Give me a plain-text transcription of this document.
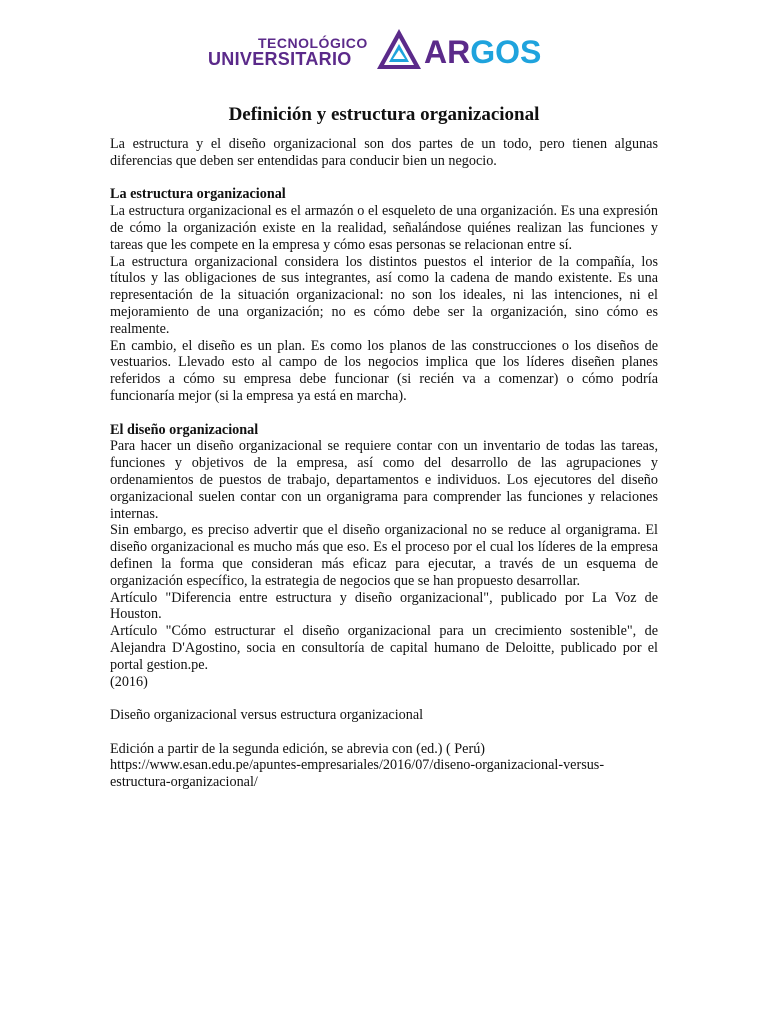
TECNOLÓGICO
UNIVERSITARIO ARGOS
Definición y estructura organizacional

La estructura y el diseño organizacional son dos partes de un todo, pero tienen algunas diferencias que deben ser entendidas para conducir bien un negocio.

La estructura organizacional

La estructura organizacional es el armazón o el esqueleto de una organización. Es una expresión de cómo la organización existe en la realidad, señalándose quiénes realizan las funciones y tareas que les compete en la empresa y cómo esas personas se relacionan entre sí.

La estructura organizacional considera los distintos puestos el interior de la compañía, los títulos y las obligaciones de sus integrantes, así como la cadena de mando existente. Es una representación de la situación organizacional: no son los ideales, ni las intenciones, ni el mejoramiento de una organización; no es cómo debe ser la organización, sino cómo es realmente.

En cambio, el diseño es un plan. Es como los planos de las construcciones o los diseños de vestuarios. Llevado esto al campo de los negocios implica que los líderes diseñen planes referidos a cómo su empresa debe funcionar (si recién va a comenzar) o cómo podría funcionaría mejor (si la empresa ya está en marcha).

El diseño organizacional

Para hacer un diseño organizacional se requiere contar con un inventario de todas las tareas, funciones y objetivos de la empresa, así como del desarrollo de las agrupaciones y ordenamientos de puestos de trabajo, departamentos e individuos. Los ejecutores del diseño organizacional suelen contar con un organigrama para comprender las funciones y relaciones internas.

Sin embargo, es preciso advertir que el diseño organizacional no se reduce al organigrama. El diseño organizacional es mucho más que eso. Es el proceso por el cual los líderes de la empresa definen la forma que consideran más eficaz para ejecutar, a través de un esquema de organización específico, la estrategia de negocios que se han propuesto desarrollar.

Artículo "Diferencia entre estructura y diseño organizacional", publicado por La Voz de Houston.

Artículo "Cómo estructurar el diseño organizacional para un crecimiento sostenible", de Alejandra D'Agostino, socia en consultoría de capital humano de Deloitte, publicado por el portal gestion.pe.

(2016)

Diseño organizacional versus estructura organizacional

Edición a partir de la segunda edición, se abrevia con (ed.) ( Perú)

https://www.esan.edu.pe/apuntes-empresariales/2016/07/diseno-organizacional-versus-

estructura-organizacional/
